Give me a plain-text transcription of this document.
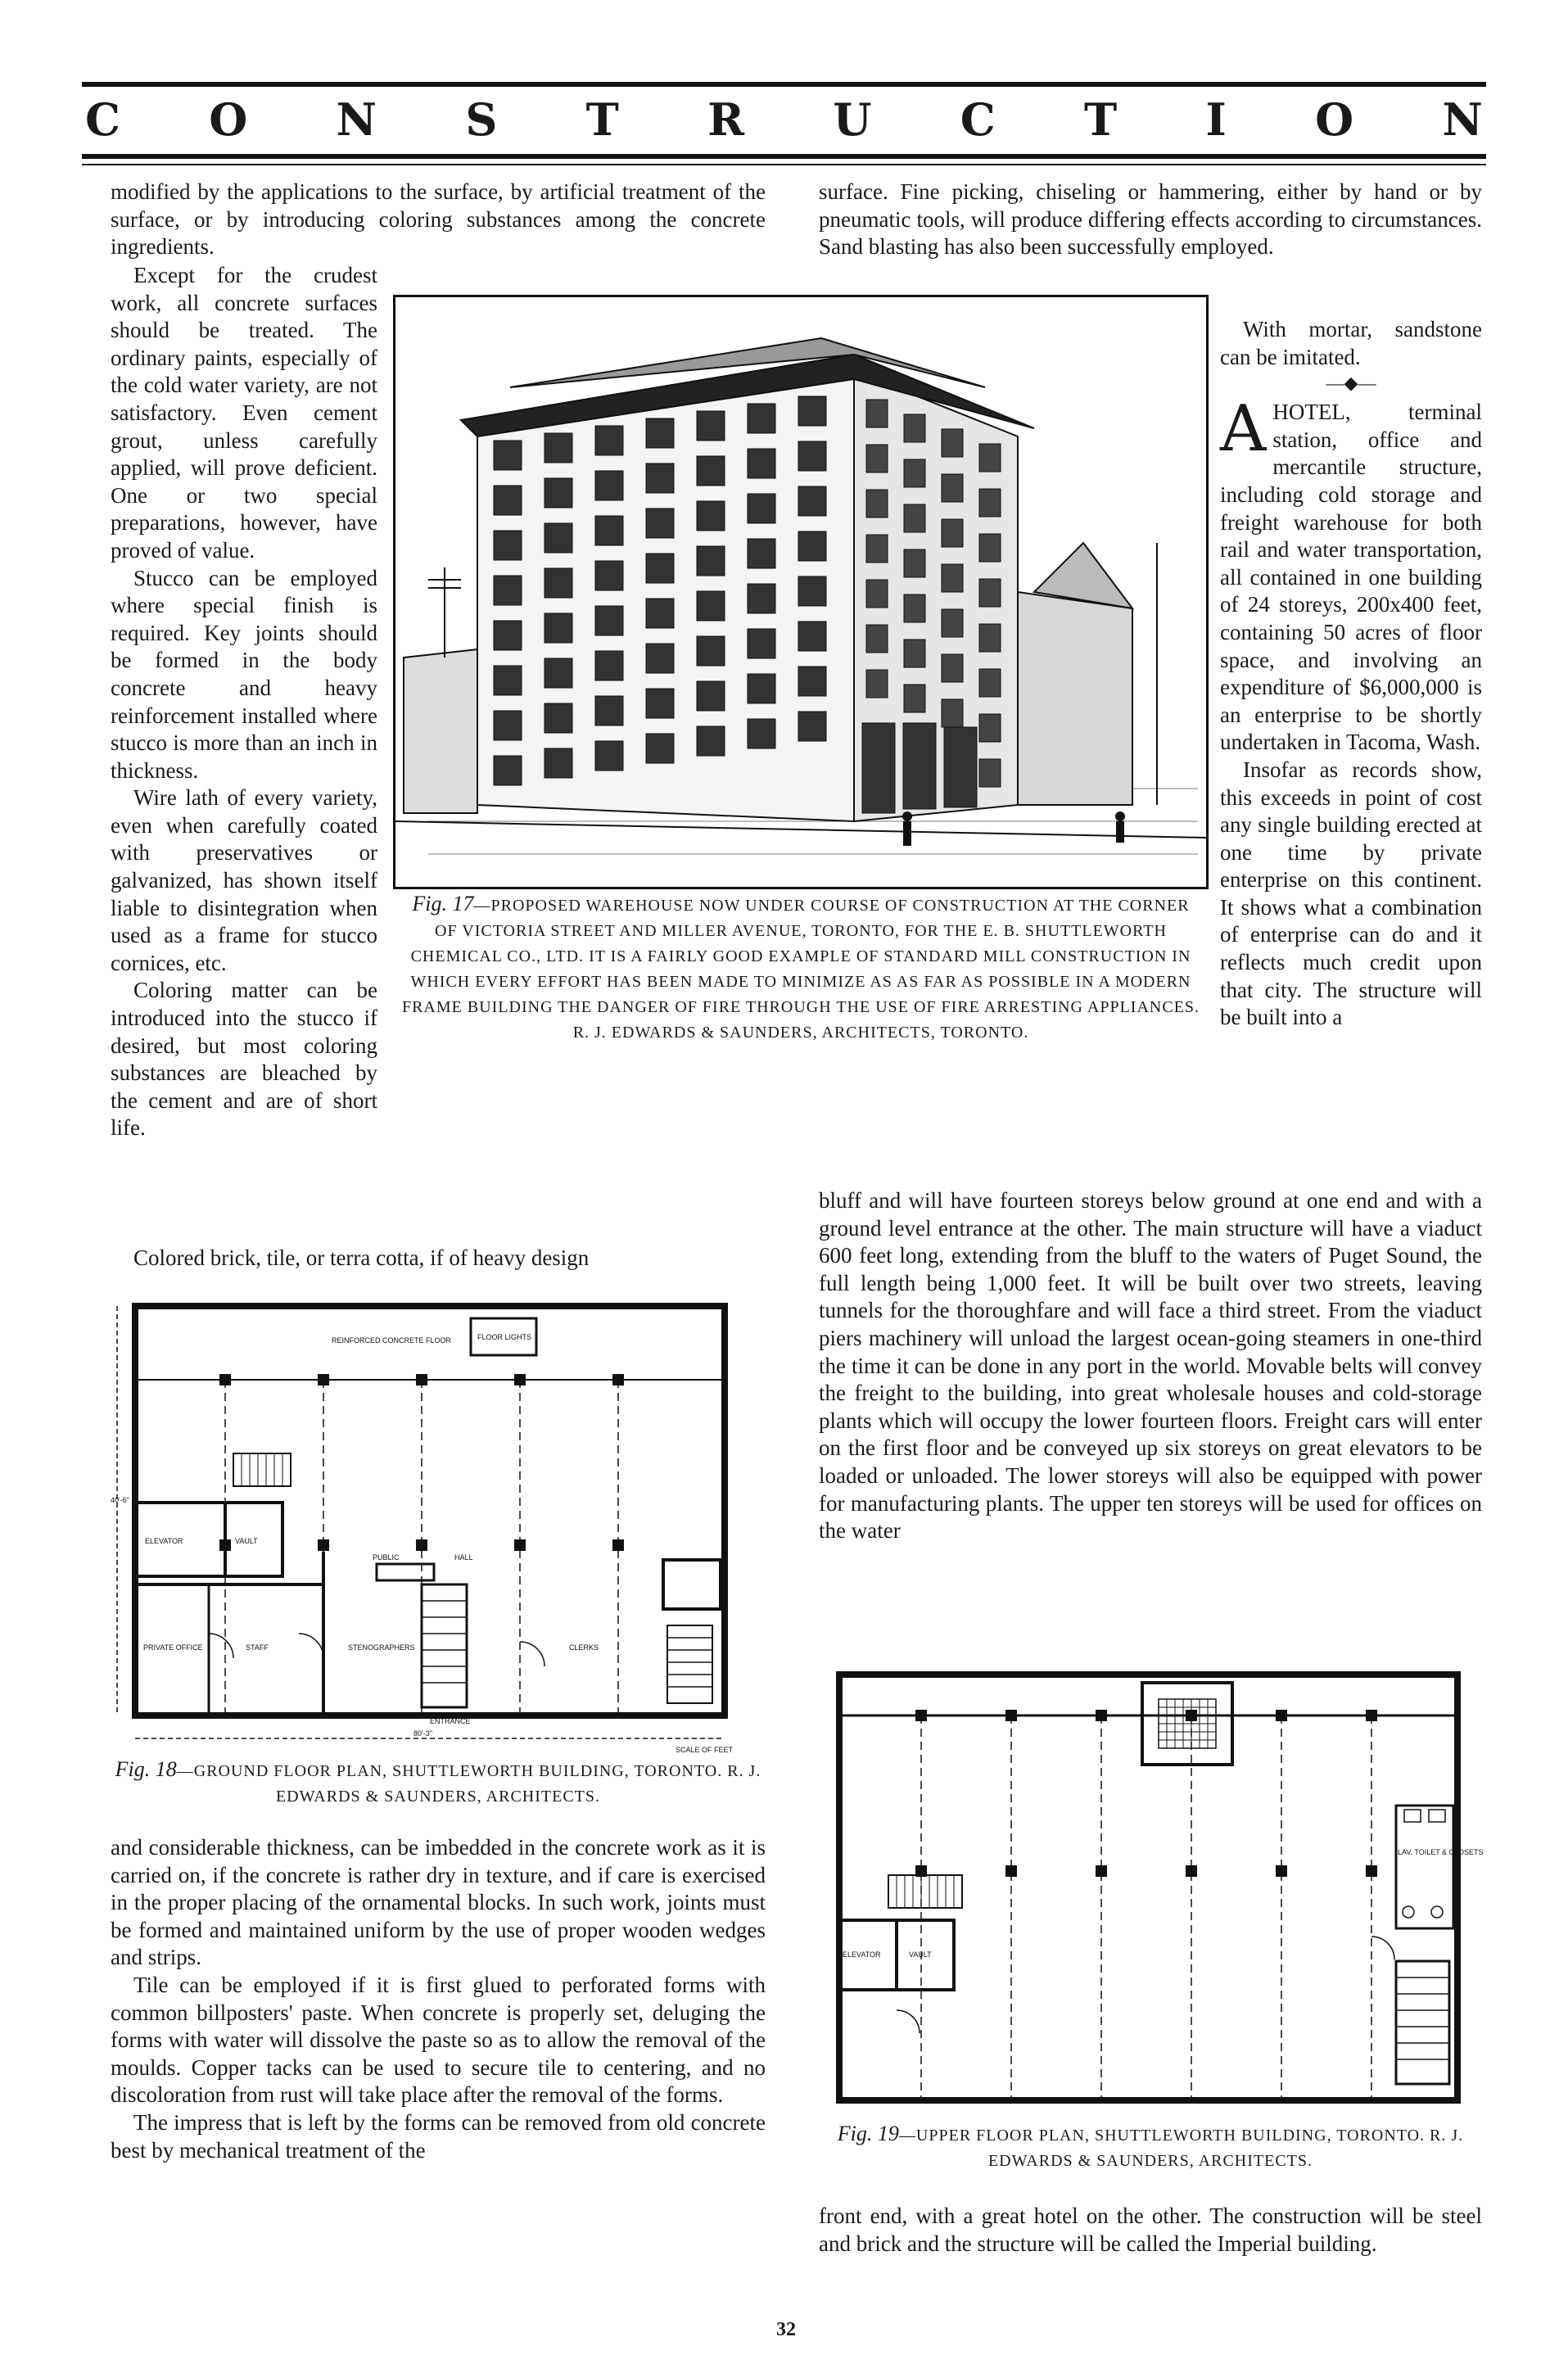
C O N S T R U C T I O N

modified by the applications to the surface, by artificial treatment of the surface, or by introducing coloring substances among the concrete ingredients.

Except for the crudest work, all concrete surfaces should be treated. The ordinary paints, especially of the cold water variety, are not satisfactory. Even cement grout, unless carefully applied, will prove deficient. One or two special preparations, however, have proved of value.

Stucco can be employed where special finish is required. Key joints should be formed in the body concrete and heavy reinforcement installed where stucco is more than an inch in thickness.

Wire lath of every variety, even when carefully coated with preservatives or galvanized, has shown itself liable to disintegration when used as a frame for stucco cornices, etc.

Coloring matter can be introduced into the stucco if desired, but most coloring substances are bleached by the cement and are of short life.

Colored brick, tile, or terra cotta, if of heavy design

surface. Fine picking, chiseling or hammering, either by hand or by pneumatic tools, will produce differing effects according to circumstances. Sand blasting has also been successfully employed.

With mortar, sandstone can be imitated.

—◆—

AHOTEL, terminal station, office and mercantile structure, including cold storage and freight warehouse for both rail and water transportation, all contained in one building of 24 storeys, 200x400 feet, containing 50 acres of floor space, and involving an expenditure of $6,000,000 is an enterprise to be shortly undertaken in Tacoma, Wash.

Insofar as records show, this exceeds in point of cost any single building erected at one time by private enterprise on this continent. It shows what a combination of enterprise can do and it reflects much credit upon that city. The structure will be built into a

bluff and will have fourteen storeys below ground at one end and with a ground level entrance at the other. The main structure will have a viaduct 600 feet long, extending from the bluff to the waters of Puget Sound, the full length being 1,000 feet. It will be built over two streets, leaving tunnels for the thoroughfare and will face a third street. From the viaduct piers machinery will unload the largest ocean-going steamers in one-third the time it can be done in any port in the world. Movable belts will convey the freight to the building, into great wholesale houses and cold-storage plants which will occupy the lower fourteen floors. Freight cars will enter on the first floor and be conveyed up six storeys on great elevators to be loaded or unloaded. The lower storeys will also be equipped with power for manufacturing plants. The upper ten storeys will be used for offices on the water

Fig. 17—PROPOSED WAREHOUSE NOW UNDER COURSE OF CONSTRUCTION AT THE CORNER OF VICTORIA STREET AND MILLER AVENUE, TORONTO, FOR THE E. B. SHUTTLEWORTH CHEMICAL CO., LTD. IT IS A FAIRLY GOOD EXAMPLE OF STANDARD MILL CONSTRUCTION IN WHICH EVERY EFFORT HAS BEEN MADE TO MINIMIZE AS AS FAR AS POSSIBLE IN A MODERN FRAME BUILDING THE DANGER OF FIRE THROUGH THE USE OF FIRE ARRESTING APPLIANCES. R. J. EDWARDS & SAUNDERS, ARCHITECTS, TORONTO.
REINFORCED CONCRETE FLOOR	FLOOR LIGHTS
ELEVATOR	VAULT
PRIVATE OFFICE	STAFF
PUBLIC	HALL
STENOGRAPHERS	CLERKS
ENTRANCE
80'-3"
40'-6"
SCALE OF FEET
Fig. 18—GROUND FLOOR PLAN, SHUTTLEWORTH BUILDING, TORONTO. R. J. EDWARDS & SAUNDERS, ARCHITECTS.

and considerable thickness, can be imbedded in the concrete work as it is carried on, if the concrete is rather dry in texture, and if care is exercised in the proper placing of the ornamental blocks. In such work, joints must be formed and maintained uniform by the use of proper wooden wedges and strips.

Tile can be employed if it is first glued to perforated forms with common billposters' paste. When concrete is properly set, deluging the forms with water will dissolve the paste so as to allow the removal of the moulds. Copper tacks can be used to secure tile to centering, and no discoloration from rust will take place after the removal of the forms.

The impress that is left by the forms can be removed from old concrete best by mechanical treatment of the

ELEVATOR	VAULT
LAV. TOILET & CLOSETS
Fig. 19—UPPER FLOOR PLAN, SHUTTLEWORTH BUILDING, TORONTO. R. J. EDWARDS & SAUNDERS, ARCHITECTS.

front end, with a great hotel on the other. The construction will be steel and brick and the structure will be called the Imperial building.

32
